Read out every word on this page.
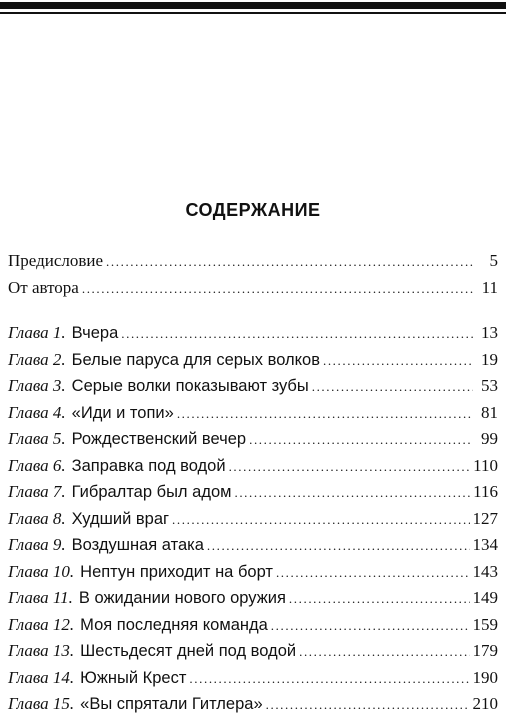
СОДЕРЖАНИЕ
Предисловие .....	5
От автора .....	11
Глава 1. Вчера .....	13
Глава 2. Белые паруса для серых волков .....	19
Глава 3. Серые волки показывают зубы .....	53
Глава 4. «Иди и топи» .....	81
Глава 5. Рождественский вечер .....	99
Глава 6. Заправка под водой .....	110
Глава 7. Гибралтар был адом .....	116
Глава 8. Худший враг .....	127
Глава 9. Воздушная атака .....	134
Глава 10. Нептун приходит на борт .....	143
Глава 11. В ожидании нового оружия .....	149
Глава 12. Моя последняя команда .....	159
Глава 13. Шестьдесят дней под водой .....	179
Глава 14. Южный Крест .....	190
Глава 15. «Вы спрятали Гитлера» .....	210
